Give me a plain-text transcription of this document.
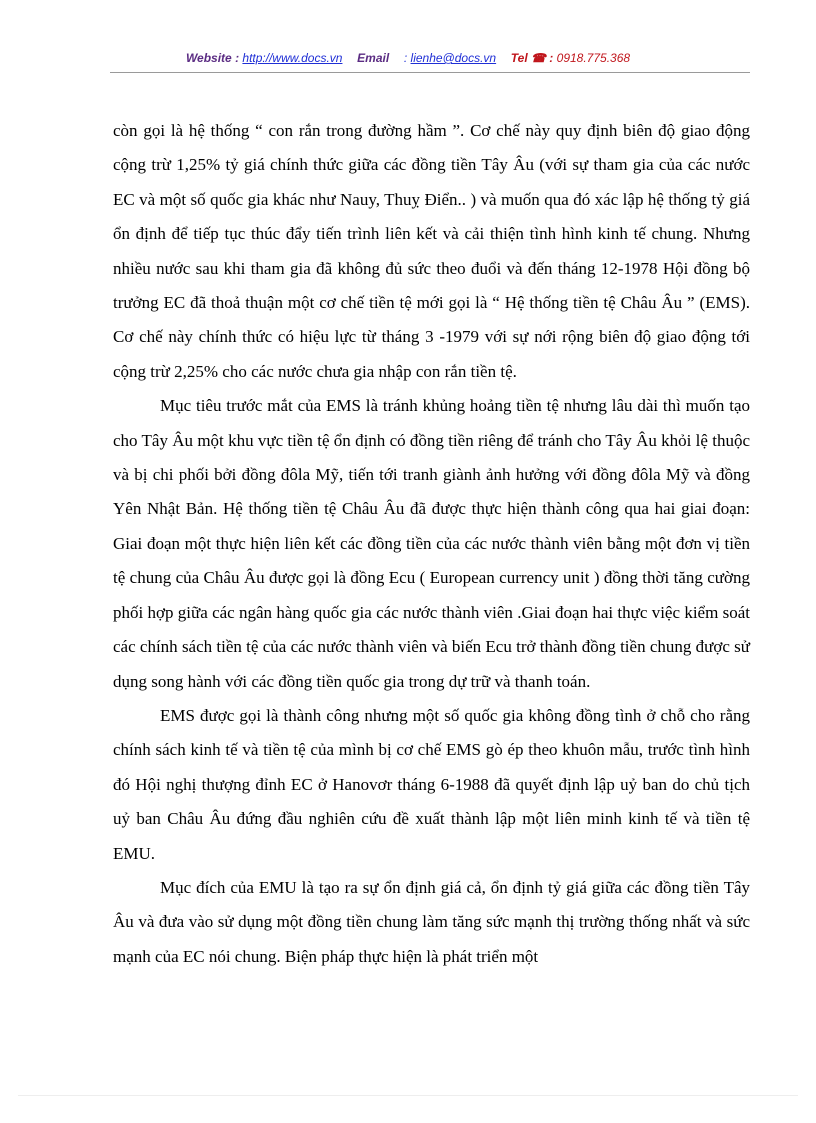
Website : http://www.docs.vn Email : lienhe@docs.vn Tel ☎ : 0918.775.368

còn gọi là hệ thống “ con rắn trong đường hầm ”. Cơ chế này quy định biên độ giao động cộng trừ 1,25% tỷ giá chính thức giữa các đồng tiền Tây Âu (với sự tham gia của các nước EC và một số quốc gia khác như Nauy, Thuỵ Điển.. ) và muốn qua đó xác lập hệ thống tỷ giá ổn định để tiếp tục thúc đẩy tiến trình liên kết và cải thiện tình hình kinh tế chung. Nhưng nhiều nước sau khi tham gia đã không đủ sức theo đuổi và đến tháng 12-1978 Hội đồng bộ trưởng EC đã thoả thuận một cơ chế tiền tệ mới gọi là “ Hệ thống tiền tệ Châu Âu ” (EMS). Cơ chế này chính thức có hiệu lực từ tháng 3 -1979 với sự nới rộng biên độ giao động tới cộng trừ 2,25% cho các nước chưa gia nhập con rắn tiền tệ.

Mục tiêu trước mắt của EMS là tránh khủng hoảng tiền tệ nhưng lâu dài thì muốn tạo cho Tây Âu một khu vực tiền tệ ổn định có đồng tiền riêng để tránh cho Tây Âu khỏi lệ thuộc và bị chi phối bởi đồng đôla Mỹ, tiến tới tranh giành ảnh hưởng với đồng đôla Mỹ và đồng Yên Nhật Bản. Hệ thống tiền tệ Châu Âu đã được thực hiện thành công qua hai giai đoạn: Giai đoạn một thực hiện liên kết các đồng tiền của các nước thành viên bằng một đơn vị tiền tệ chung của Châu Âu được gọi là đồng Ecu ( European currency unit ) đồng thời tăng cường phối hợp giữa các ngân hàng quốc gia các nước thành viên .Giai đoạn hai thực việc kiểm soát các chính sách tiền tệ của các nước thành viên và biến Ecu trở thành đồng tiền chung được sử dụng song hành với các đồng tiền quốc gia trong dự trữ và thanh toán.

EMS được gọi là thành công nhưng một số quốc gia không đồng tình ở chỗ cho rằng chính sách kinh tế và tiền tệ của mình bị cơ chế EMS gò ép theo khuôn mẫu, trước tình hình đó Hội nghị thượng đỉnh EC ở Hanovơr tháng 6-1988 đã quyết định lập uỷ ban do chủ tịch uỷ ban Châu Âu đứng đầu nghiên cứu đề xuất thành lập một liên minh kinh tế và tiền tệ EMU.

Mục đích của EMU là tạo ra sự ổn định giá cả, ổn định tỷ giá giữa các đồng tiền Tây Âu và đưa vào sử dụng một đồng tiền chung làm tăng sức mạnh thị trường thống nhất và sức mạnh của EC nói chung. Biện pháp thực hiện là phát triển một
